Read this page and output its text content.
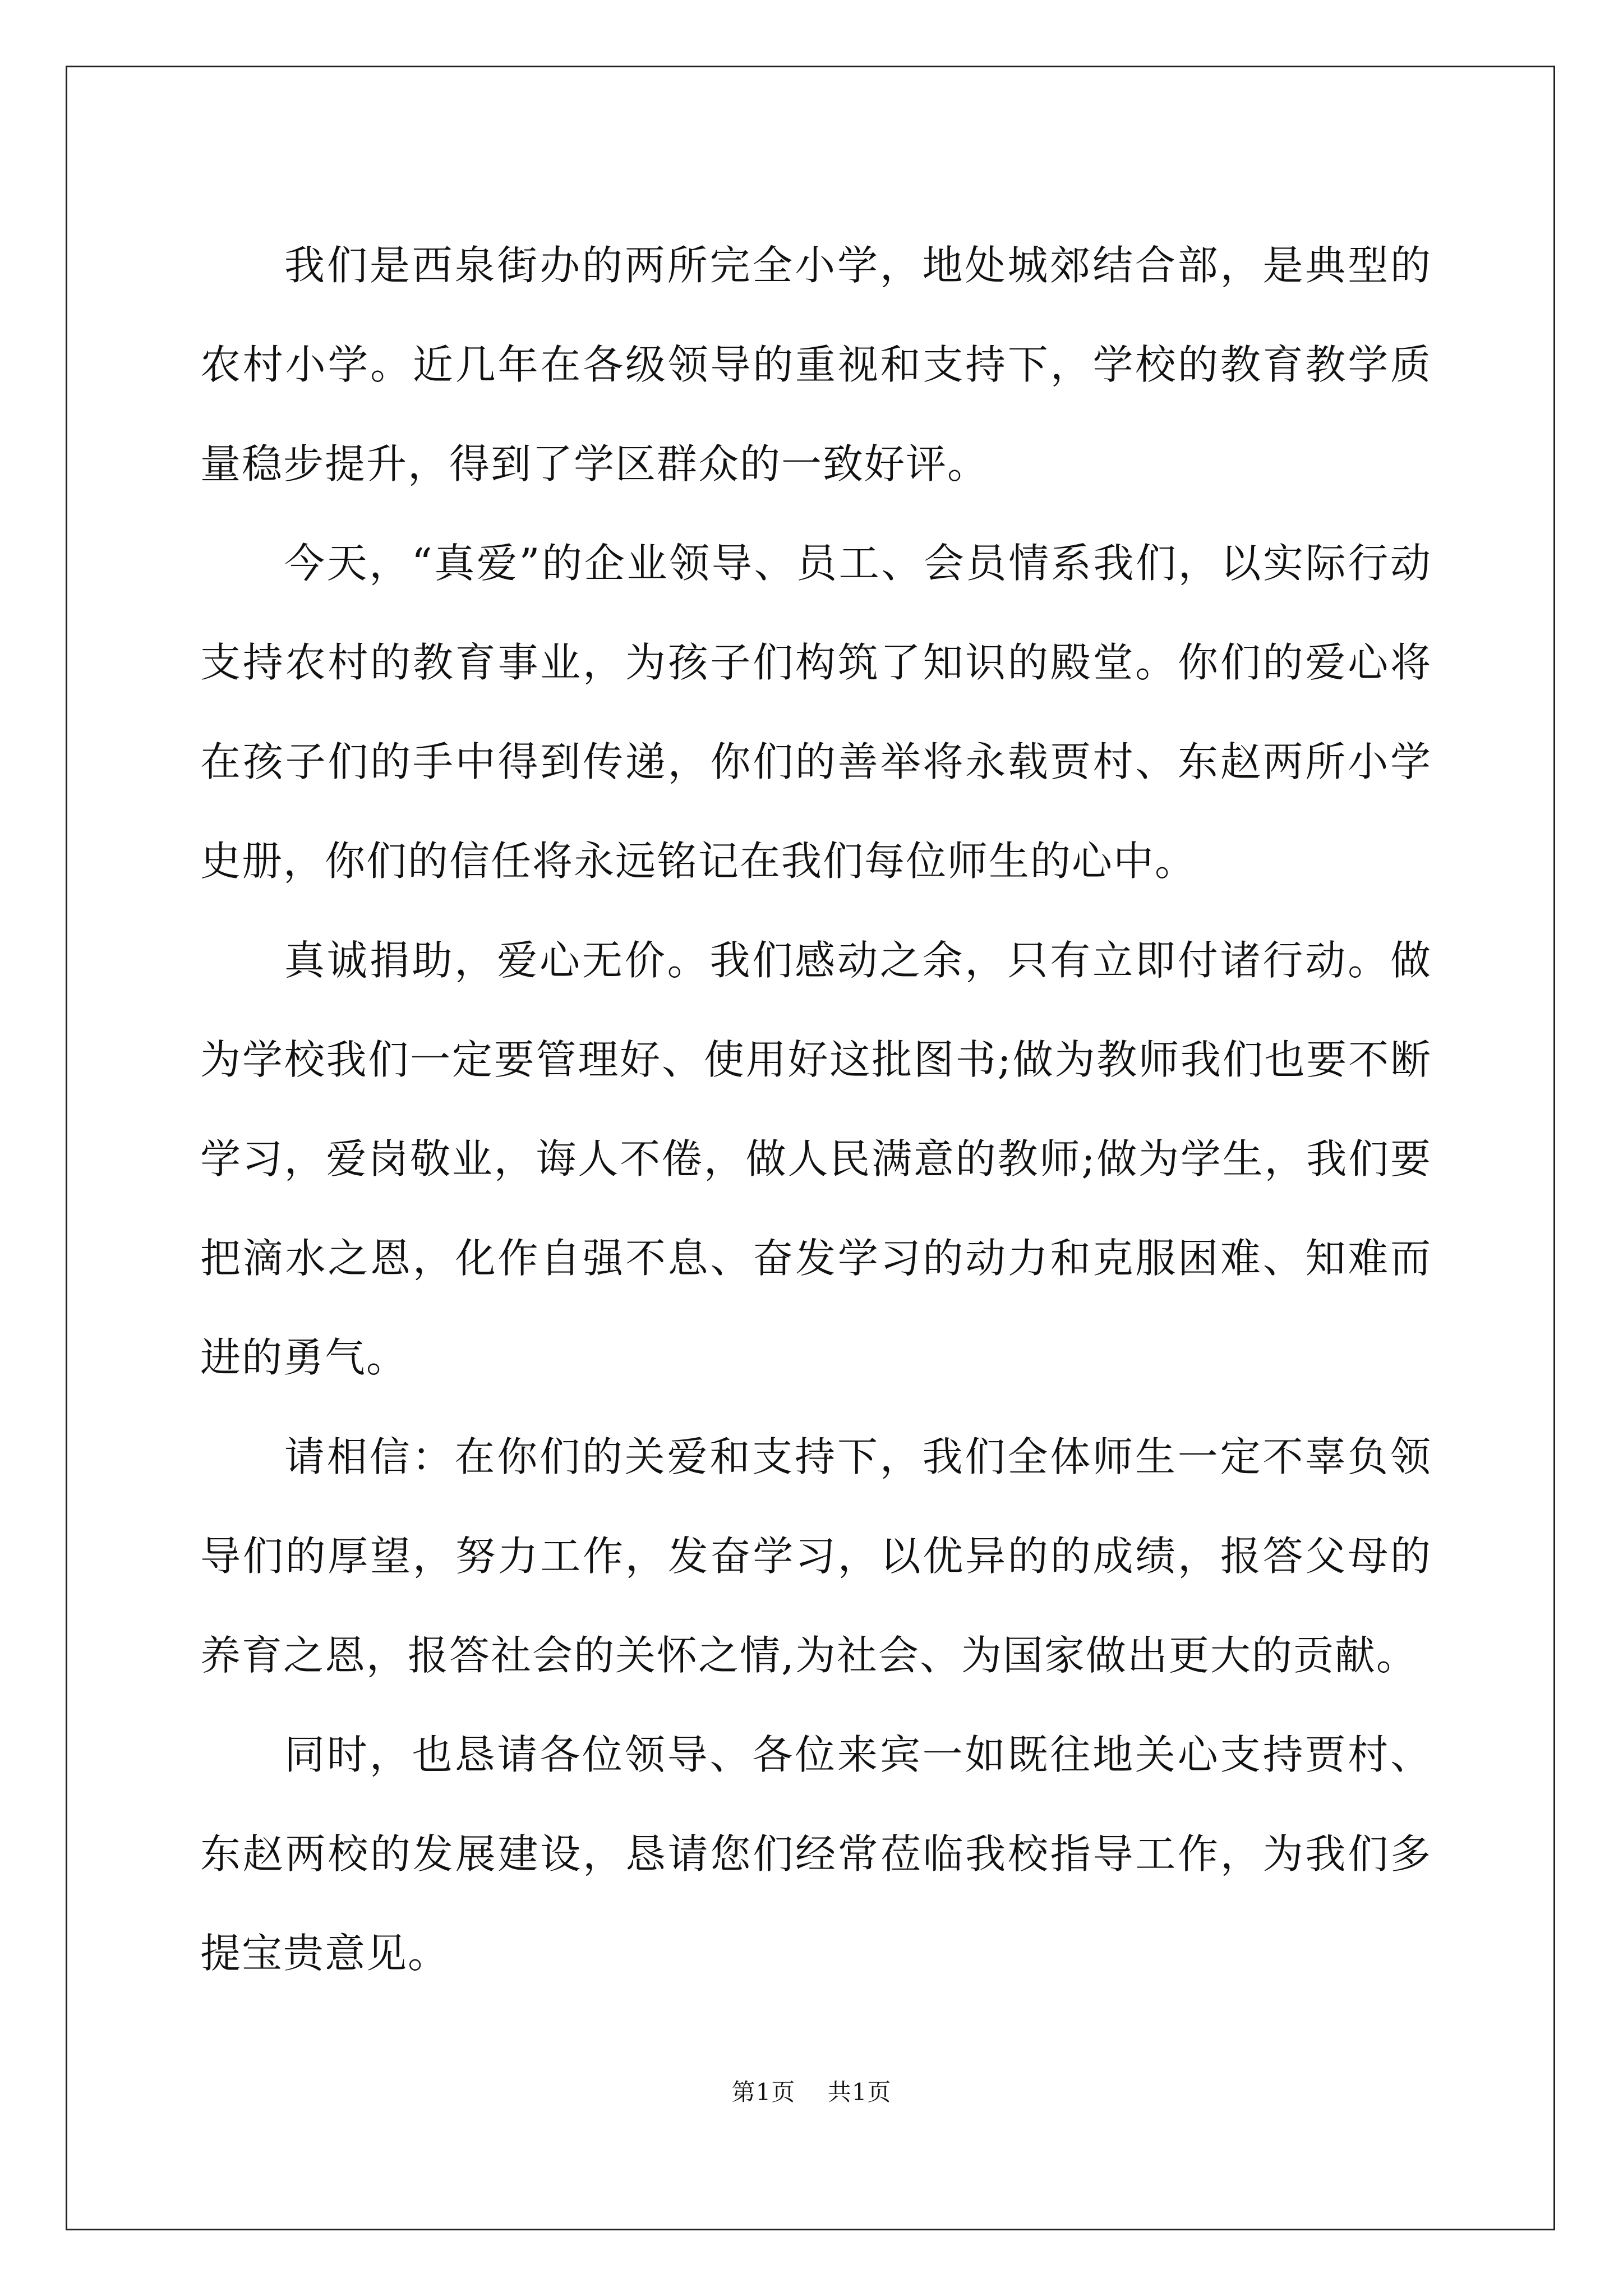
我们是西泉街办的两所完全小学，地处城郊结合部，是典型的农村小学。近几年在各级领导的重视和支持下，学校的教育教学质量稳步提升，得到了学区群众的一致好评。

今天，“真爱”的企业领导、员工、会员情系我们，以实际行动支持农村的教育事业，为孩子们构筑了知识的殿堂。你们的爱心将在孩子们的手中得到传递，你们的善举将永载贾村、东赵两所小学史册，你们的信任将永远铭记在我们每位师生的心中。

真诚捐助，爱心无价。我们感动之余，只有立即付诸行动。做为学校我们一定要管理好、使用好这批图书;做为教师我们也要不断学习，爱岗敬业，诲人不倦，做人民满意的教师;做为学生，我们要把滴水之恩，化作自强不息、奋发学习的动力和克服困难、知难而进的勇气。

请相信：在你们的关爱和支持下，我们全体师生一定不辜负领导们的厚望，努力工作，发奋学习，以优异的的成绩，报答父母的养育之恩，报答社会的关怀之情,为社会、为国家做出更大的贡献。

同时，也恳请各位领导、各位来宾一如既往地关心支持贾村、东赵两校的发展建设，恳请您们经常莅临我校指导工作，为我们多提宝贵意见。

第1页 共1页
